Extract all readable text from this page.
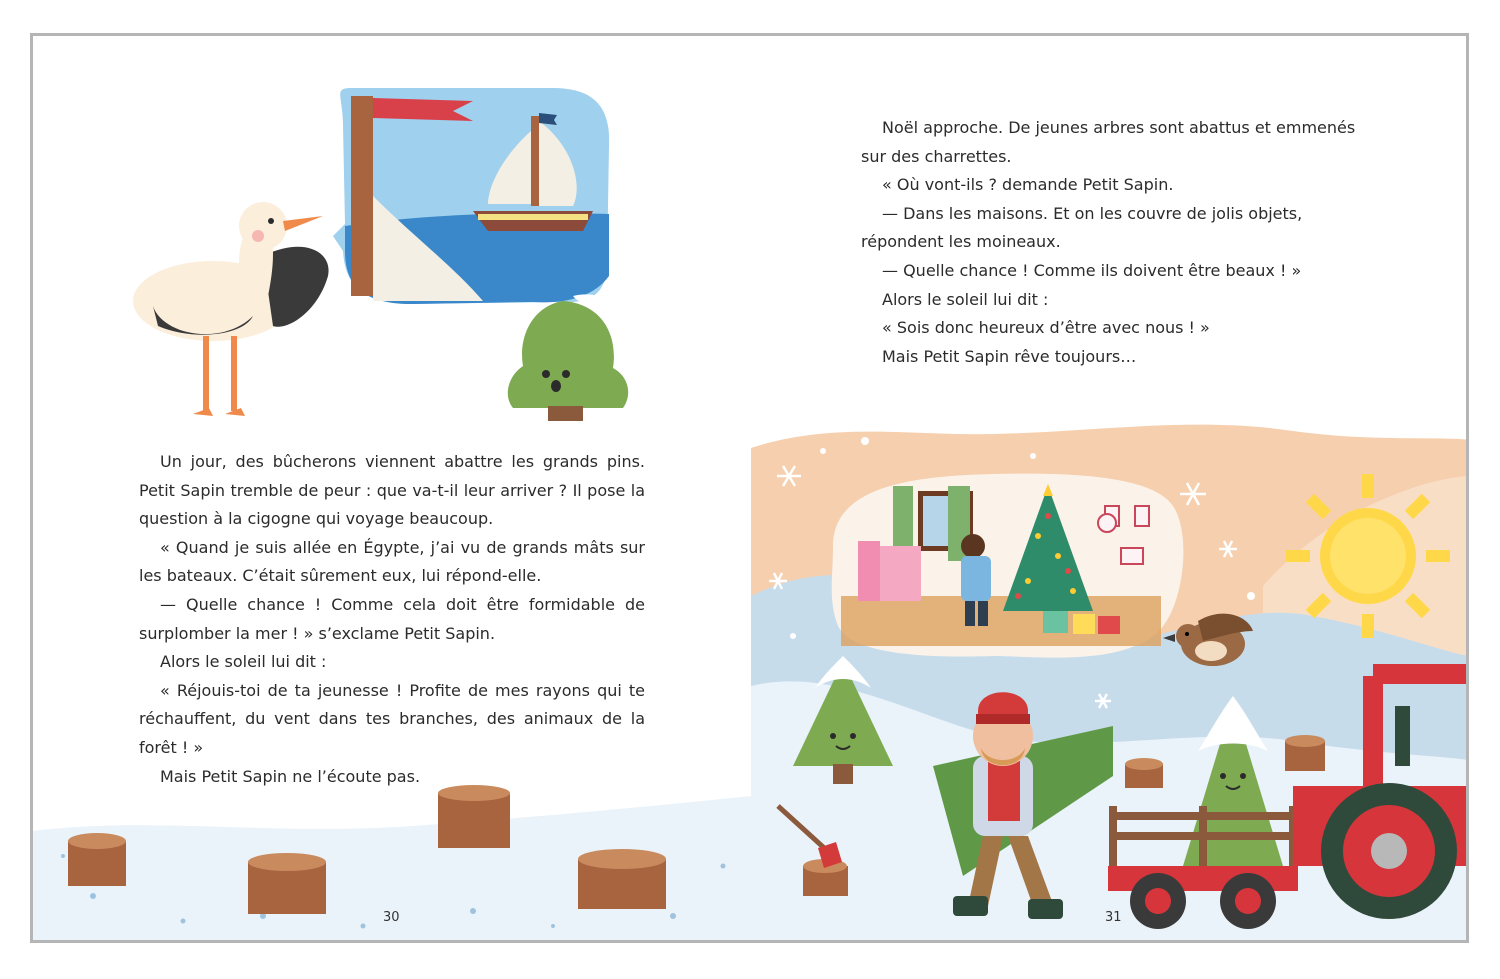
Un jour, des bûcherons viennent abattre les grands pins. Petit Sapin tremble de peur : que va-t-il leur arriver ? Il pose la question à la cigogne qui voyage beaucoup.

« Quand je suis allée en Égypte, j’ai vu de grands mâts sur les bateaux. C’était sûrement eux, lui répond-elle.

— Quelle chance ! Comme cela doit être formidable de surplomber la mer ! » s’exclame Petit Sapin.

Alors le soleil lui dit :

« Réjouis-toi de ta jeunesse ! Profite de mes rayons qui te réchauffent, du vent dans tes branches, des animaux de la forêt ! »

Mais Petit Sapin ne l’écoute pas.

Noël approche. De jeunes arbres sont abattus et emmenés sur des charrettes.

« Où vont-ils ? demande Petit Sapin.

— Dans les maisons. Et on les couvre de jolis objets, répondent les moineaux.

— Quelle chance ! Comme ils doivent être beaux ! »

Alors le soleil lui dit :

« Sois donc heureux d’être avec nous ! »

Mais Petit Sapin rêve toujours…

30	31
